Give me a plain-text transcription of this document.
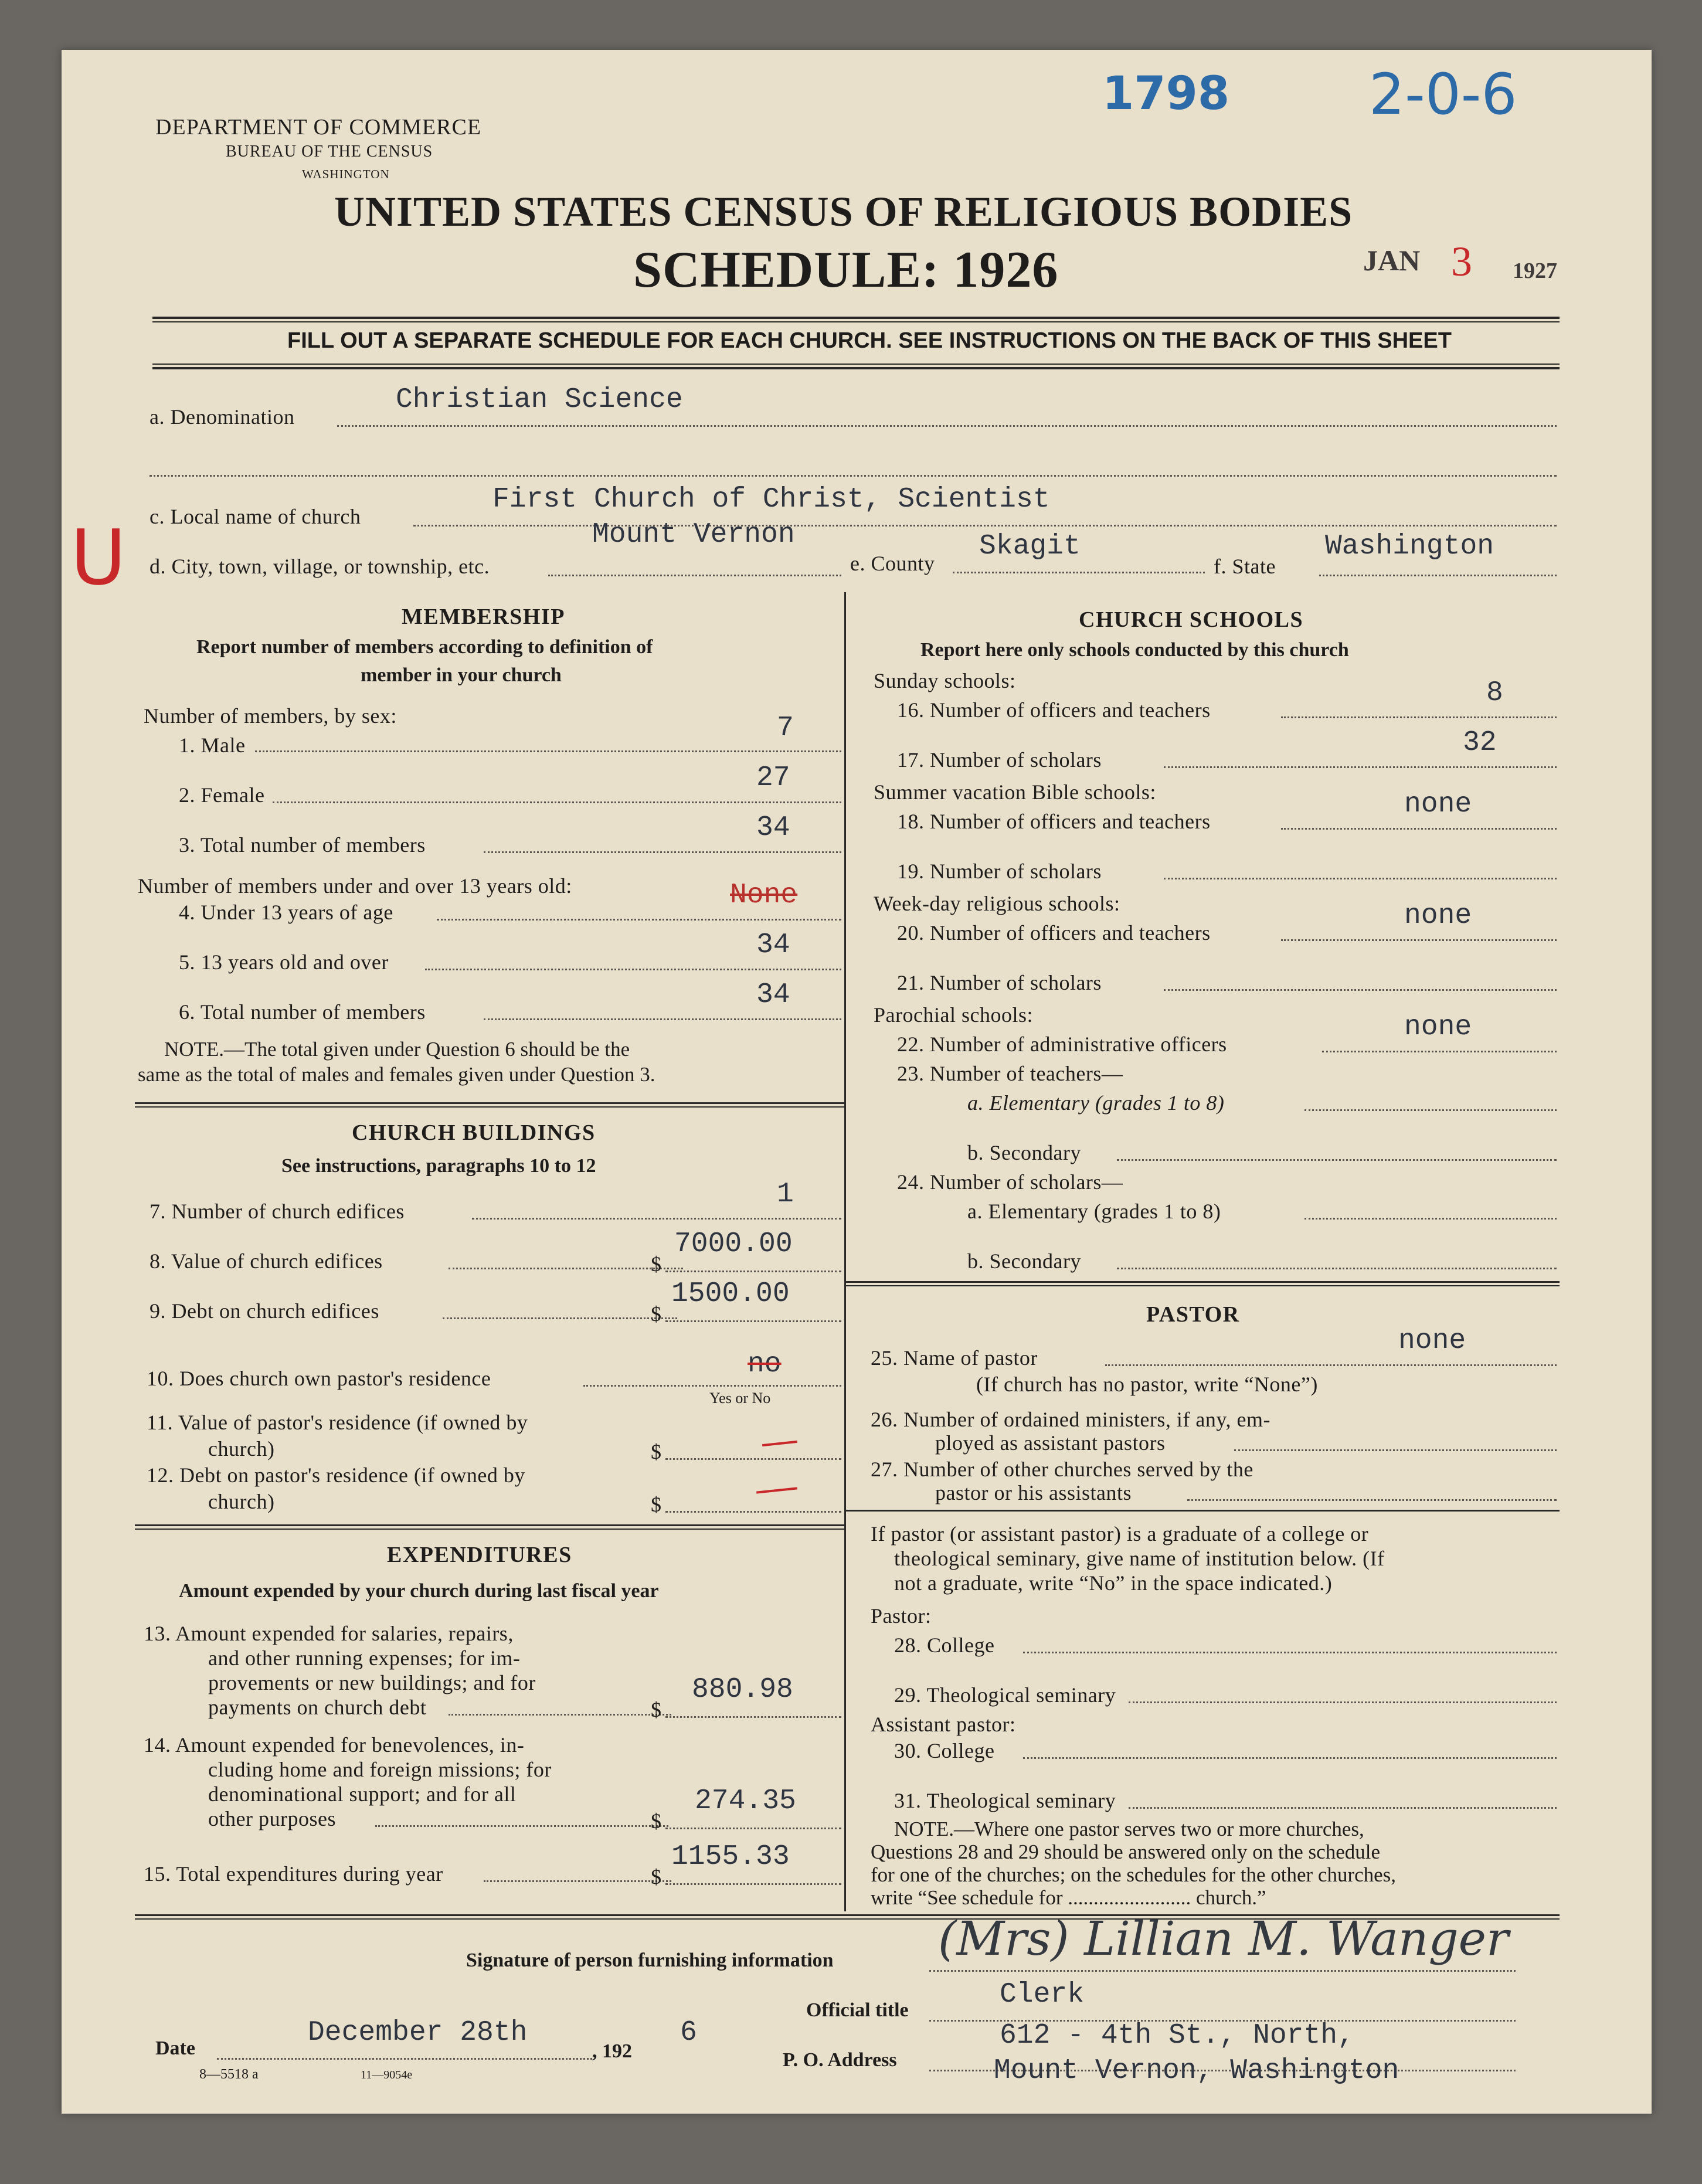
DEPARTMENT OF COMMERCE
BUREAU OF THE CENSUS
WASHINGTON
1798 2-0-6
UNITED STATES CENSUS OF RELIGIOUS BODIES
SCHEDULE: 1926	JAN 3 1927
FILL OUT A SEPARATE SCHEDULE FOR EACH CHURCH. SEE INSTRUCTIONS ON THE BACK OF THIS SHEET
a. Denomination
Christian Science
c. Local name of church
First Church of Christ, Scientist
U d. City, town, village, or township, etc.
Mount Vernon
e. County
Skagit
f. State
Washington
MEMBERSHIP
Report number of members according to definition of
member in your church
Number of members, by sex:
1. Male
7
2. Female
27
3. Total number of members
34
Number of members under and over 13 years old:
4. Under 13 years of age
None
5. 13 years old and over
34
6. Total number of members
34
NOTE.—The total given under Question 6 should be the
same as the total of males and females given under Question 3.
CHURCH BUILDINGS
See instructions, paragraphs 10 to 12
7. Number of church edifices
1
8. Value of church edifices	$
7000.00
9. Debt on church edifices	$
1500.00
10. Does church own pastor's residence	no
Yes or No
11. Value of pastor's residence (if owned by
church)	$
12. Debt on pastor's residence (if owned by
church)	$
EXPENDITURES
Amount expended by your church during last fiscal year
13. Amount expended for salaries, repairs,
and other running expenses; for im-
provements or new buildings; and for
payments on church debt	$
880.98
14. Amount expended for benevolences, in-
cluding home and foreign missions; for
denominational support; and for all
other purposes	$
274.35
15. Total expenditures during year	$
1155.33
CHURCH SCHOOLS
Report here only schools conducted by this church
Sunday schools:
16. Number of officers and teachers
8
17. Number of scholars
32
Summer vacation Bible schools:
18. Number of officers and teachers
none
19. Number of scholars
Week-day religious schools:
20. Number of officers and teachers
none
21. Number of scholars
Parochial schools:
22. Number of administrative officers
none
23. Number of teachers—
a. Elementary (grades 1 to 8)
b. Secondary
24. Number of scholars—
a. Elementary (grades 1 to 8)
b. Secondary
PASTOR
25. Name of pastor
none
(If church has no pastor, write “None”)
26. Number of ordained ministers, if any, em-
ployed as assistant pastors
27. Number of other churches served by the
pastor or his assistants
If pastor (or assistant pastor) is a graduate of a college or
theological seminary, give name of institution below. (If
not a graduate, write “No” in the space indicated.)
Pastor:
28. College
29. Theological seminary
Assistant pastor:
30. College
31. Theological seminary
NOTE.—Where one pastor serves two or more churches,
Questions 28 and 29 should be answered only on the schedule
for one of the churches; on the schedules for the other churches,
write “See schedule for ........................ church.”
Signature of person furnishing information (Mrs) Lillian M. Wanger
Official title	Clerk
Date	December 28th
, 192
6
8—5518 a	11—9054e
P. O. Address
612 - 4th St., North,
Mount Vernon, Washington
